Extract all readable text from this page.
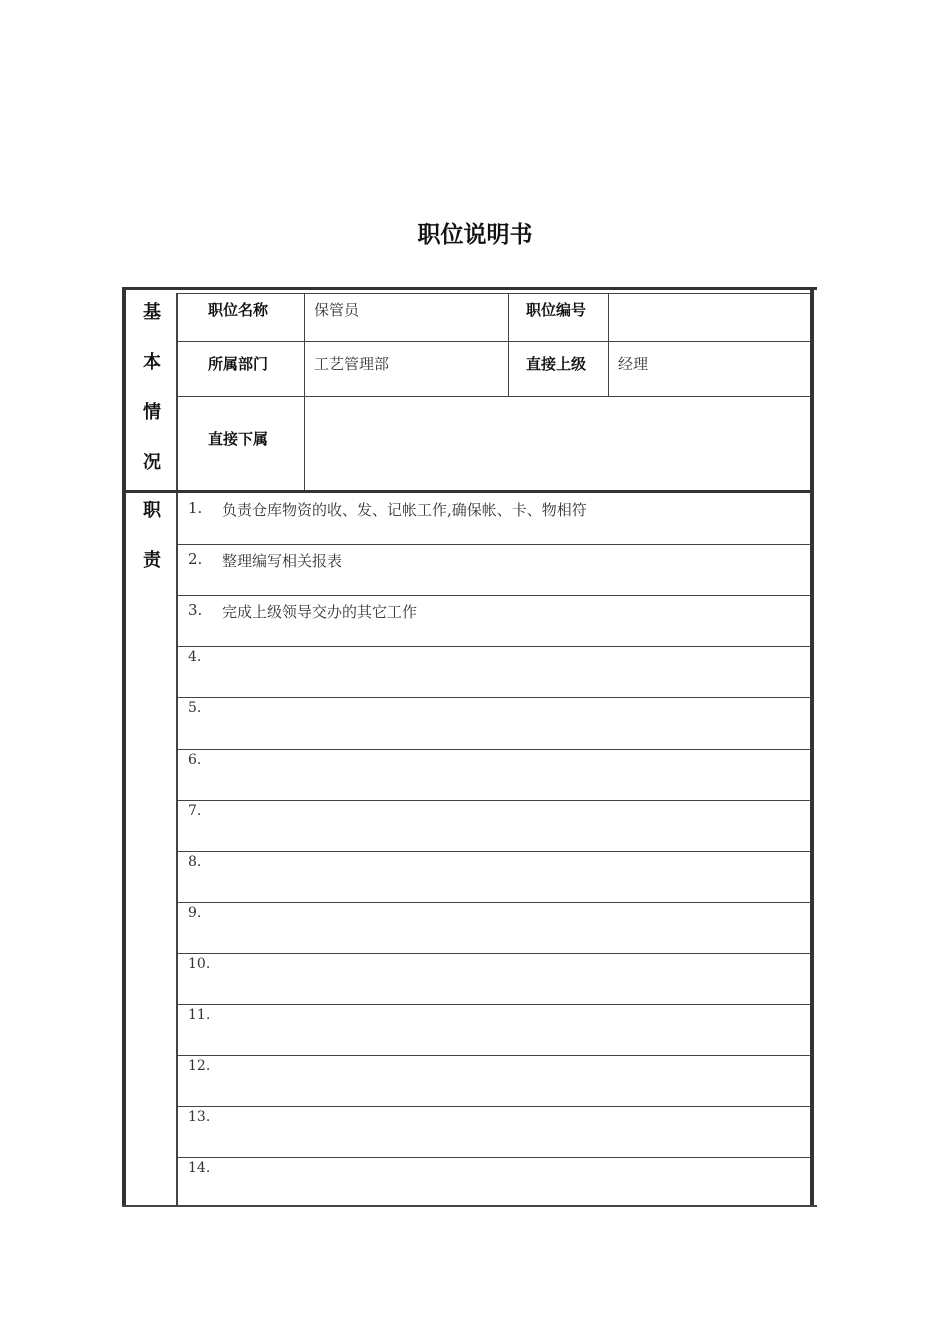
职位说明书
基
本
情
况
职位名称	保管员	职位编号
所属部门	工艺管理部	直接上级 经理
直接下属
职
责
1. 负责仓库物资的收、发、记帐工作,确保帐、卡、物相符
2. 整理编写相关报表
3. 完成上级领导交办的其它工作
4.
5.
6.
7.
8.
9.
10.
11.
12.
13.
14.
